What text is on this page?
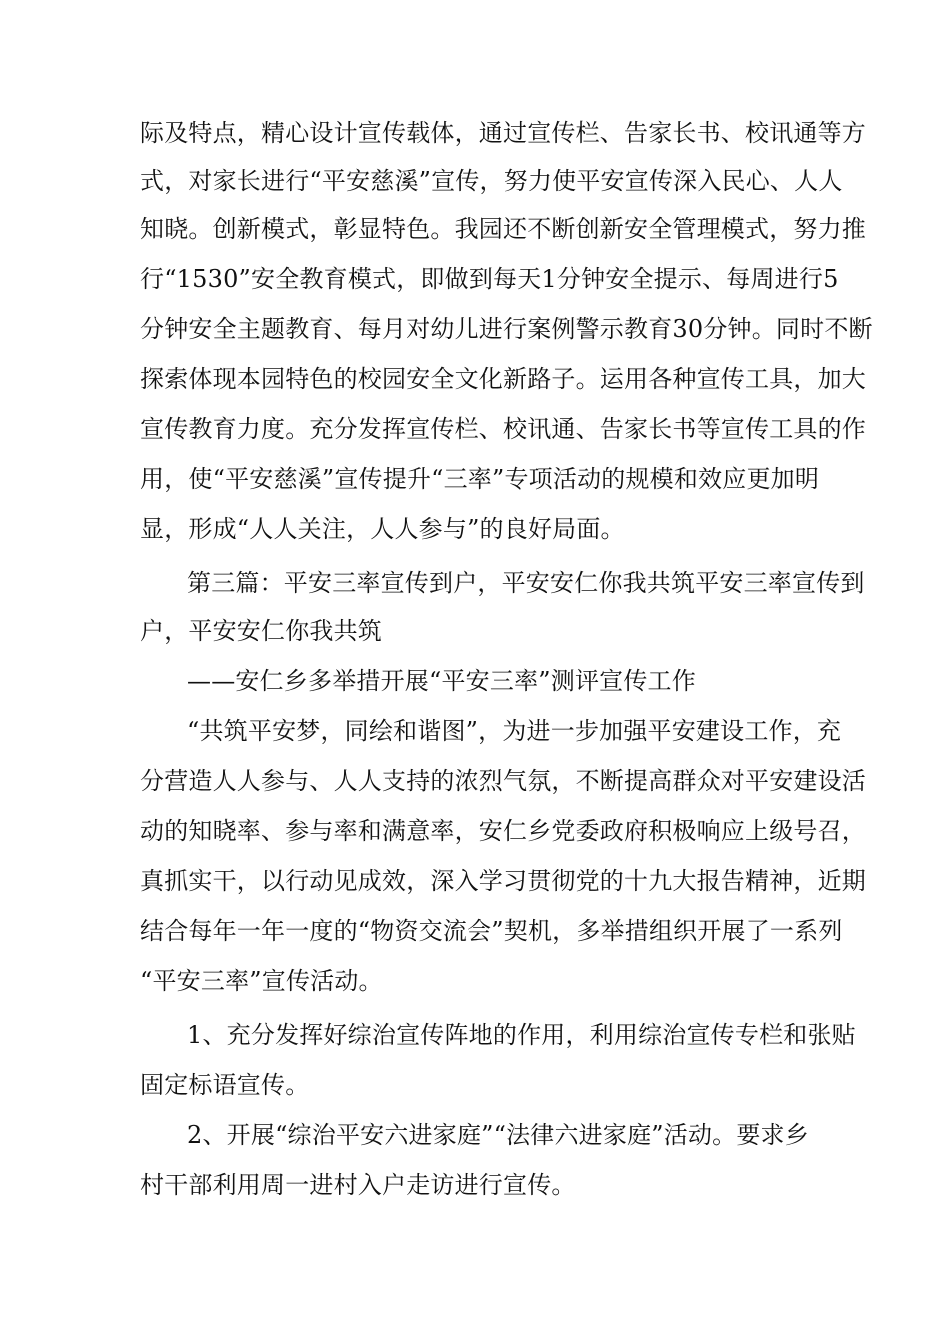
际及特点，精心设计宣传载体，通过宣传栏、告家长书、校讯通等方
式，对家长进行“平安慈溪”宣传，努力使平安宣传深入民心、人人
知晓。创新模式，彰显特色。我园还不断创新安全管理模式，努力推
行“1530”安全教育模式，即做到每天1分钟安全提示、每周进行5
分钟安全主题教育、每月对幼儿进行案例警示教育30分钟。同时不断
探索体现本园特色的校园安全文化新路子。运用各种宣传工具，加大
宣传教育力度。充分发挥宣传栏、校讯通、告家长书等宣传工具的作
用，使“平安慈溪”宣传提升“三率”专项活动的规模和效应更加明
显，形成“人人关注，人人参与”的良好局面。
第三篇：平安三率宣传到户，平安安仁你我共筑平安三率宣传到
户，平安安仁你我共筑
——安仁乡多举措开展“平安三率”测评宣传工作
“共筑平安梦，同绘和谐图”，为进一步加强平安建设工作，充
分营造人人参与、人人支持的浓烈气氛，不断提高群众对平安建设活
动的知晓率、参与率和满意率，安仁乡党委政府积极响应上级号召，
真抓实干，以行动见成效，深入学习贯彻党的十九大报告精神，近期
结合每年一年一度的“物资交流会”契机，多举措组织开展了一系列
“平安三率”宣传活动。
1、充分发挥好综治宣传阵地的作用，利用综治宣传专栏和张贴
固定标语宣传。
2、开展“综治平安六进家庭”“法律六进家庭”活动。要求乡
村干部利用周一进村入户走访进行宣传。
